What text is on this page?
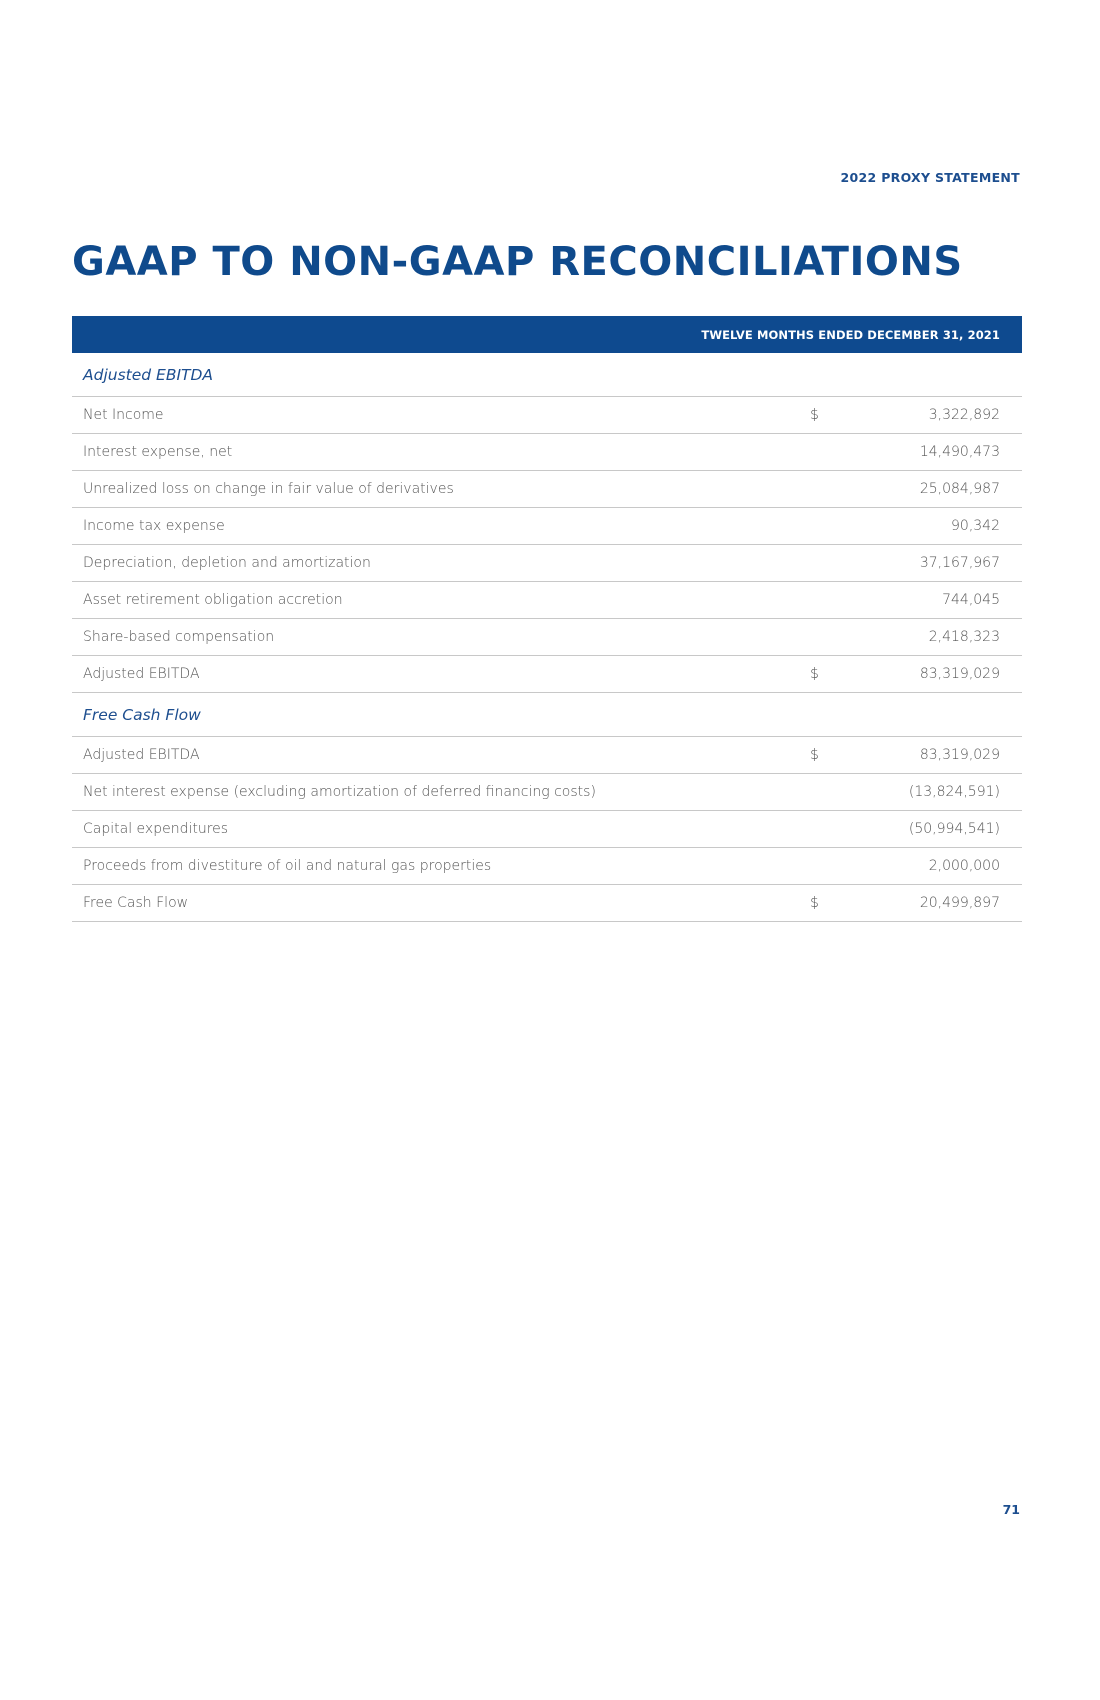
2022 PROXY STATEMENT
GAAP TO NON-GAAP RECONCILIATIONS
TWELVE MONTHS ENDED DECEMBER 31, 2021
Adjusted EBITDA
Net Income	$	3,322,892
Interest expense, net	14,490,473
Unrealized loss on change in fair value of derivatives	25,084,987
Income tax expense	90,342
Depreciation, depletion and amortization	37,167,967
Asset retirement obligation accretion	744,045
Share-based compensation	2,418,323
Adjusted EBITDA	$	83,319,029
Free Cash Flow
Adjusted EBITDA	$	83,319,029
Net interest expense (excluding amortization of deferred financing costs)	(13,824,591)
Capital expenditures	(50,994,541)
Proceeds from divestiture of oil and natural gas properties	2,000,000
Free Cash Flow	$	20,499,897
71
